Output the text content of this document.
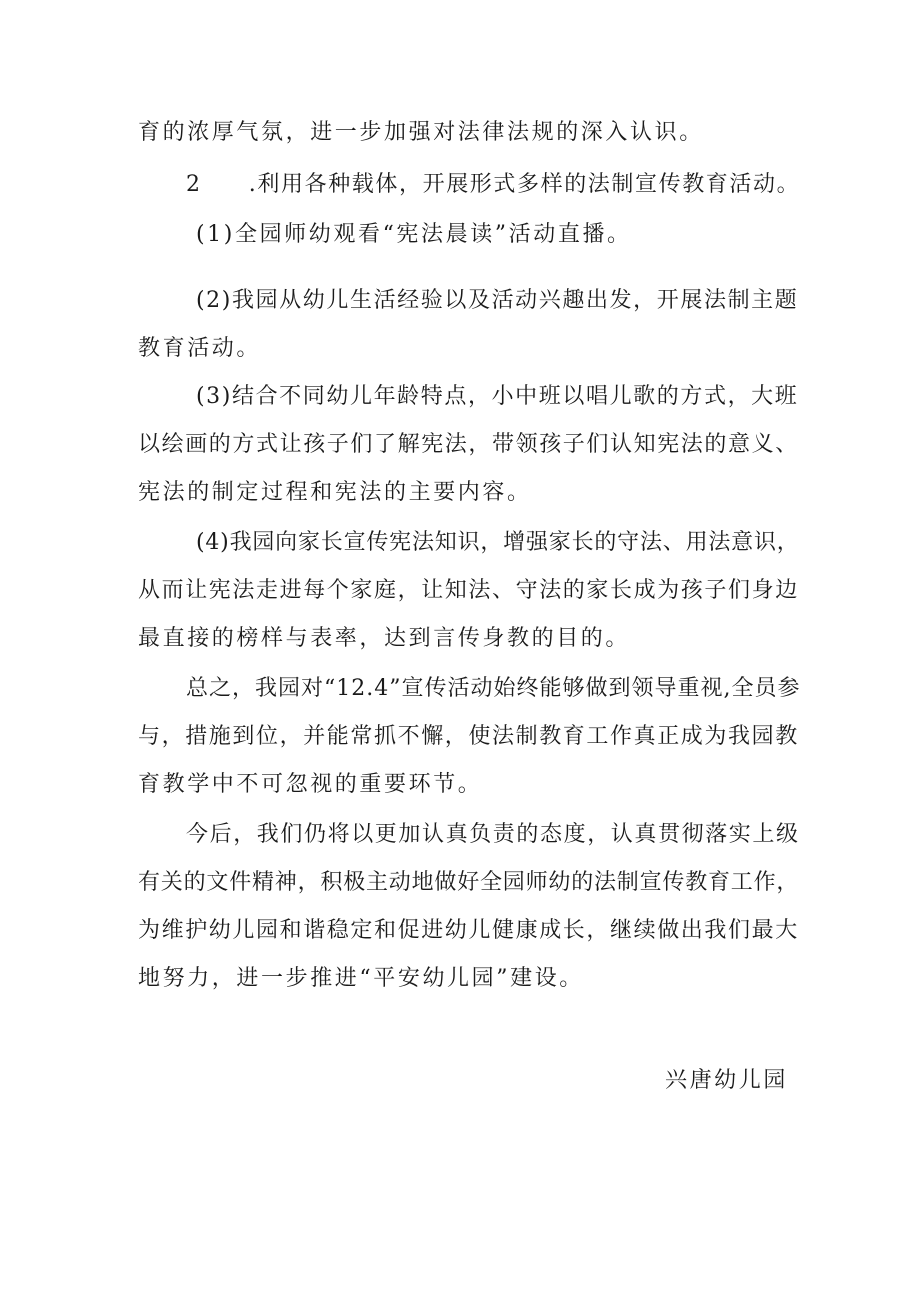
育的浓厚气氛，进一步加强对法律法规的深入认识。
2　　.利用各种载体，开展形式多样的法制宣传教育活动。
(1)全园师幼观看“宪法晨读”活动直播。
(2)我园从幼儿生活经验以及活动兴趣出发，开展法制主题
教育活动。
(3)结合不同幼儿年龄特点，小中班以唱儿歌的方式，大班
以绘画的方式让孩子们了解宪法，带领孩子们认知宪法的意义、
宪法的制定过程和宪法的主要内容。
(4)我园向家长宣传宪法知识，增强家长的守法、用法意识，
从而让宪法走进每个家庭，让知法、守法的家长成为孩子们身边
最直接的榜样与表率，达到言传身教的目的。
总之，我园对“12.4”宣传活动始终能够做到领导重视,全员参
与，措施到位，并能常抓不懈，使法制教育工作真正成为我园教
育教学中不可忽视的重要环节。
今后，我们仍将以更加认真负责的态度，认真贯彻落实上级
有关的文件精神，积极主动地做好全园师幼的法制宣传教育工作，
为维护幼儿园和谐稳定和促进幼儿健康成长，继续做出我们最大
地努力，进一步推进“平安幼儿园”建设。
兴唐幼儿园
